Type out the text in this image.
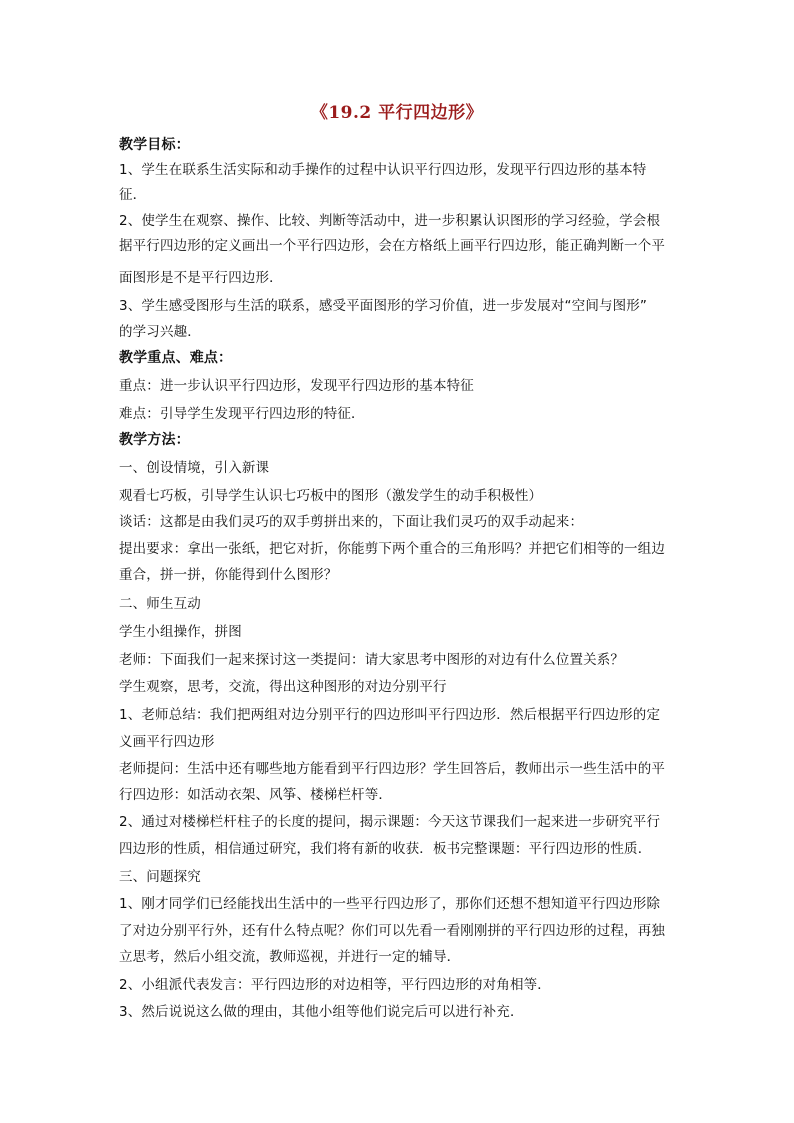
《19.2 平行四边形》
教学目标：
1、学生在联系生活实际和动手操作的过程中认识平行四边形，发现平行四边形的基本特
征．
2、使学生在观察、操作、比较、判断等活动中，进一步积累认识图形的学习经验，学会根
据平行四边形的定义画出一个平行四边形，会在方格纸上画平行四边形，能正确判断一个平
面图形是不是平行四边形．
3、学生感受图形与生活的联系，感受平面图形的学习价值，进一步发展对“空间与图形”
的学习兴趣．
教学重点、难点：
重点：进一步认识平行四边形，发现平行四边形的基本特征
难点：引导学生发现平行四边形的特征．
教学方法：
一、创设情境，引入新课
观看七巧板，引导学生认识七巧板中的图形（激发学生的动手积极性）
谈话：这都是由我们灵巧的双手剪拼出来的，下面让我们灵巧的双手动起来：
提出要求：拿出一张纸，把它对折，你能剪下两个重合的三角形吗？并把它们相等的一组边
重合，拼一拼，你能得到什么图形？
二、师生互动
学生小组操作，拼图
老师：下面我们一起来探讨这一类提问：请大家思考中图形的对边有什么位置关系？
学生观察，思考，交流，得出这种图形的对边分别平行
1、老师总结：我们把两组对边分别平行的四边形叫平行四边形．然后根据平行四边形的定
义画平行四边形
老师提问：生活中还有哪些地方能看到平行四边形？学生回答后，教师出示一些生活中的平
行四边形：如活动衣架、风筝、楼梯栏杆等．
2、通过对楼梯栏杆柱子的长度的提问，揭示课题：今天这节课我们一起来进一步研究平行
四边形的性质，相信通过研究，我们将有新的收获．板书完整课题：平行四边形的性质．
三、问题探究
1、刚才同学们已经能找出生活中的一些平行四边形了，那你们还想不想知道平行四边形除
了对边分别平行外，还有什么特点呢？你们可以先看一看刚刚拼的平行四边形的过程，再独
立思考，然后小组交流，教师巡视，并进行一定的辅导．
2、小组派代表发言：平行四边形的对边相等，平行四边形的对角相等．
3、然后说说这么做的理由，其他小组等他们说完后可以进行补充．
